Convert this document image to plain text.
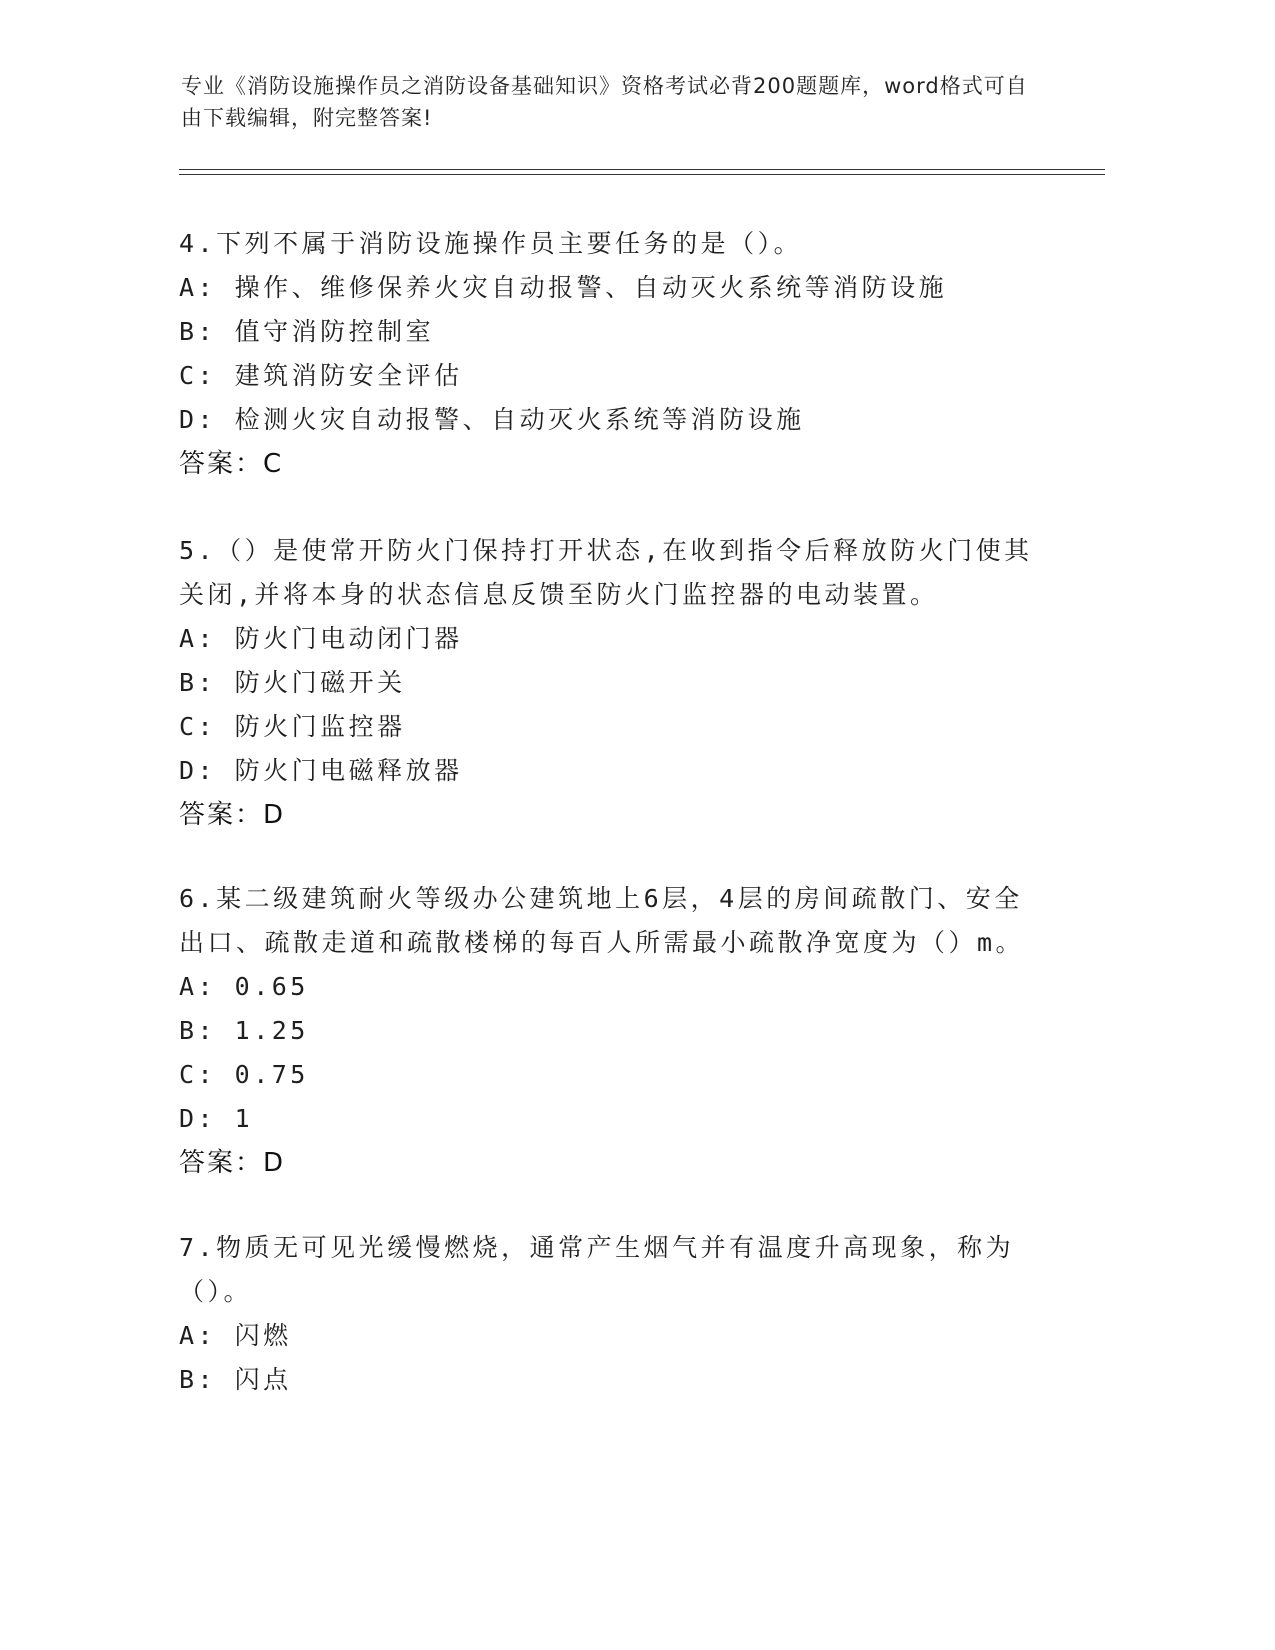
专业《消防设施操作员之消防设备基础知识》资格考试必背200题题库，word格式可自由下载编辑，附完整答案!
4.下列不属于消防设施操作员主要任务的是（）。
A: 操作、维修保养火灾自动报警、自动灭火系统等消防设施
B: 值守消防控制室
C: 建筑消防安全评估
D: 检测火灾自动报警、自动灭火系统等消防设施
答案：C
5.（）是使常开防火门保持打开状态,在收到指令后释放防火门使其关闭,并将本身的状态信息反馈至防火门监控器的电动装置。
A: 防火门电动闭门器
B: 防火门磁开关
C: 防火门监控器
D: 防火门电磁释放器
答案：D
6.某二级建筑耐火等级办公建筑地上6层，4层的房间疏散门、安全出口、疏散走道和疏散楼梯的每百人所需最小疏散净宽度为（）m。
A: 0.65
B: 1.25
C: 0.75
D: 1
答案：D
7.物质无可见光缓慢燃烧，通常产生烟气并有温度升高现象，称为（）。
A: 闪燃
B: 闪点
